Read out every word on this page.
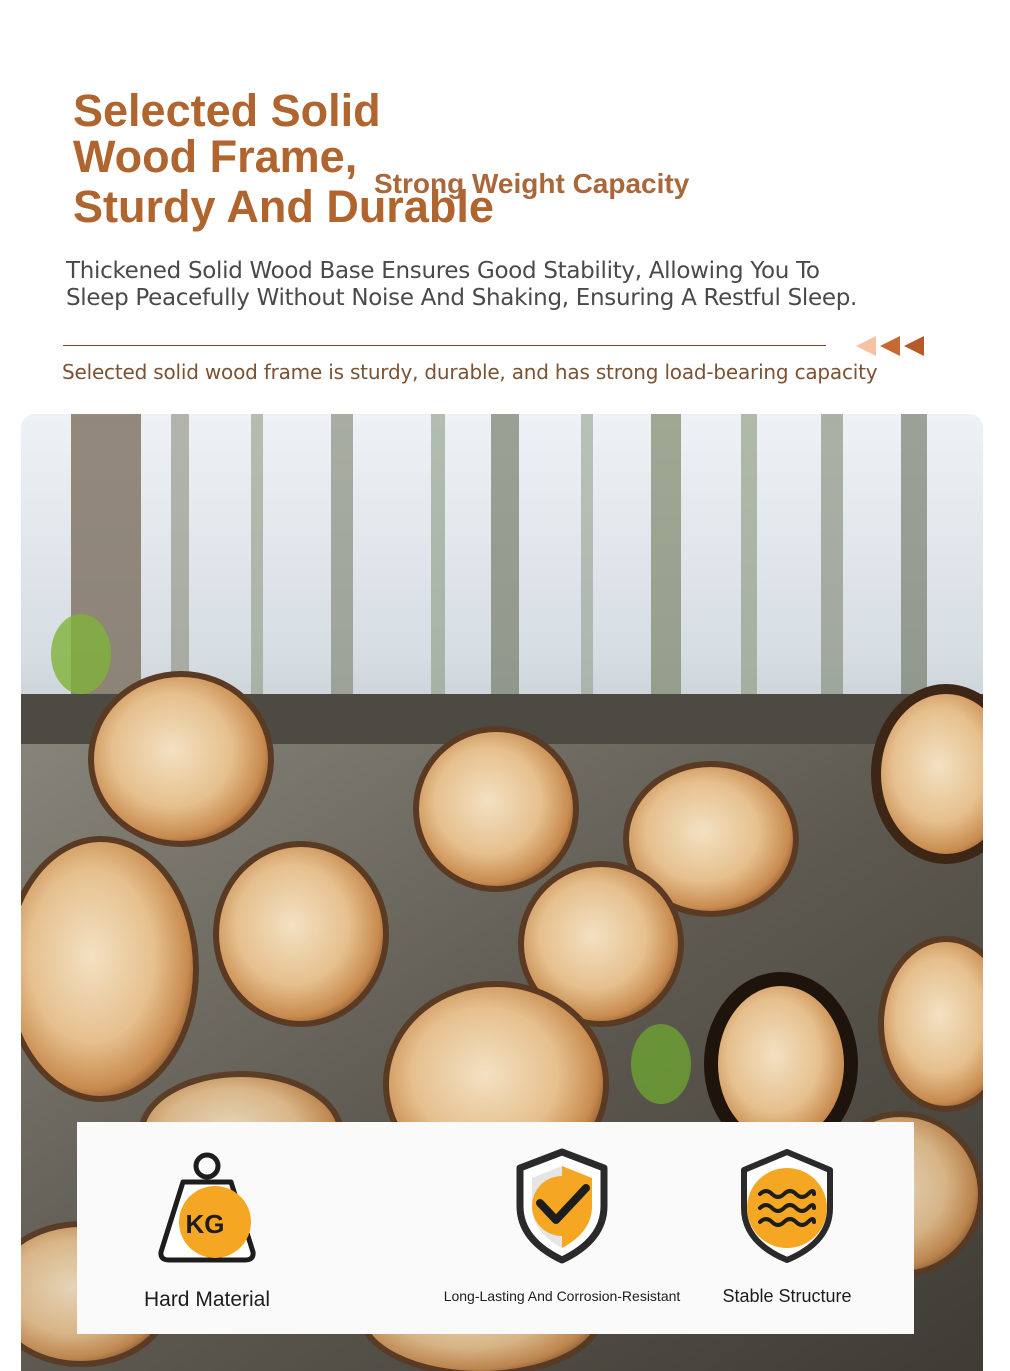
Selected Solid
Wood Frame,
Sturdy And Durable
Strong Weight Capacity

Thickened Solid Wood Base Ensures Good Stability, Allowing You To Sleep Peacefully Without Noise And Shaking, Ensuring A Restful Sleep.

Selected solid wood frame is sturdy, durable, and has strong load-bearing capacity
KG
Hard Material	Long-Lasting And Corrosion-Resistant	Stable Structure
